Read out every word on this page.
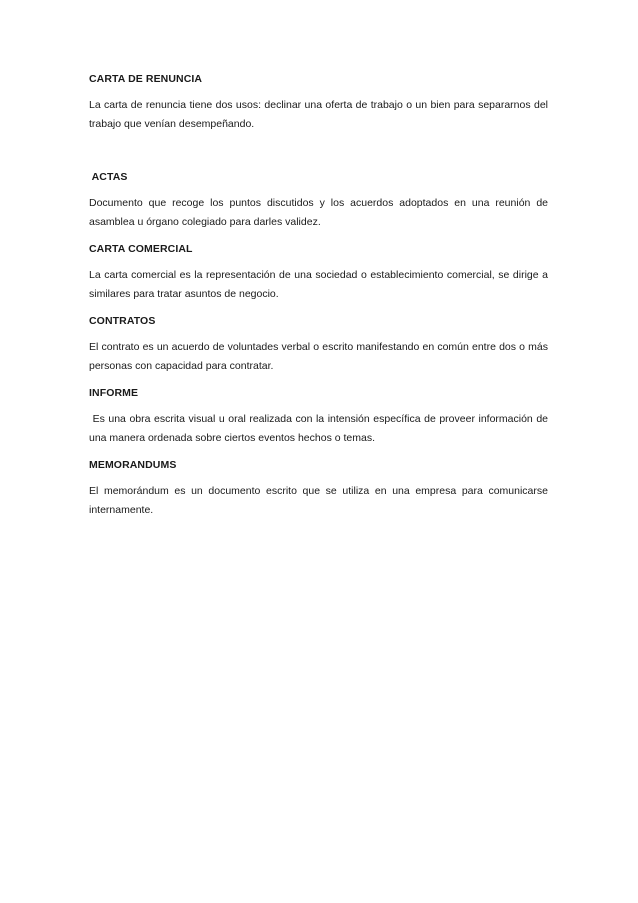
CARTA DE RENUNCIA

La carta de renuncia tiene dos usos: declinar una oferta de trabajo o un bien para separarnos del trabajo que venían desempeñando.

ACTAS

Documento que recoge los puntos discutidos y los acuerdos adoptados en una reunión de asamblea u órgano colegiado para darles validez.

CARTA COMERCIAL

La carta comercial es la representación de una sociedad o establecimiento comercial, se dirige a similares para tratar asuntos de negocio.

CONTRATOS

El contrato es un acuerdo de voluntades verbal o escrito manifestando en común entre dos o más personas con capacidad para contratar.

INFORME

Es una obra escrita visual u oral realizada con la intensión específica de proveer información de una manera ordenada sobre ciertos eventos hechos o temas.

MEMORANDUMS

El memorándum es un documento escrito que se utiliza en una empresa para comunicarse internamente.
